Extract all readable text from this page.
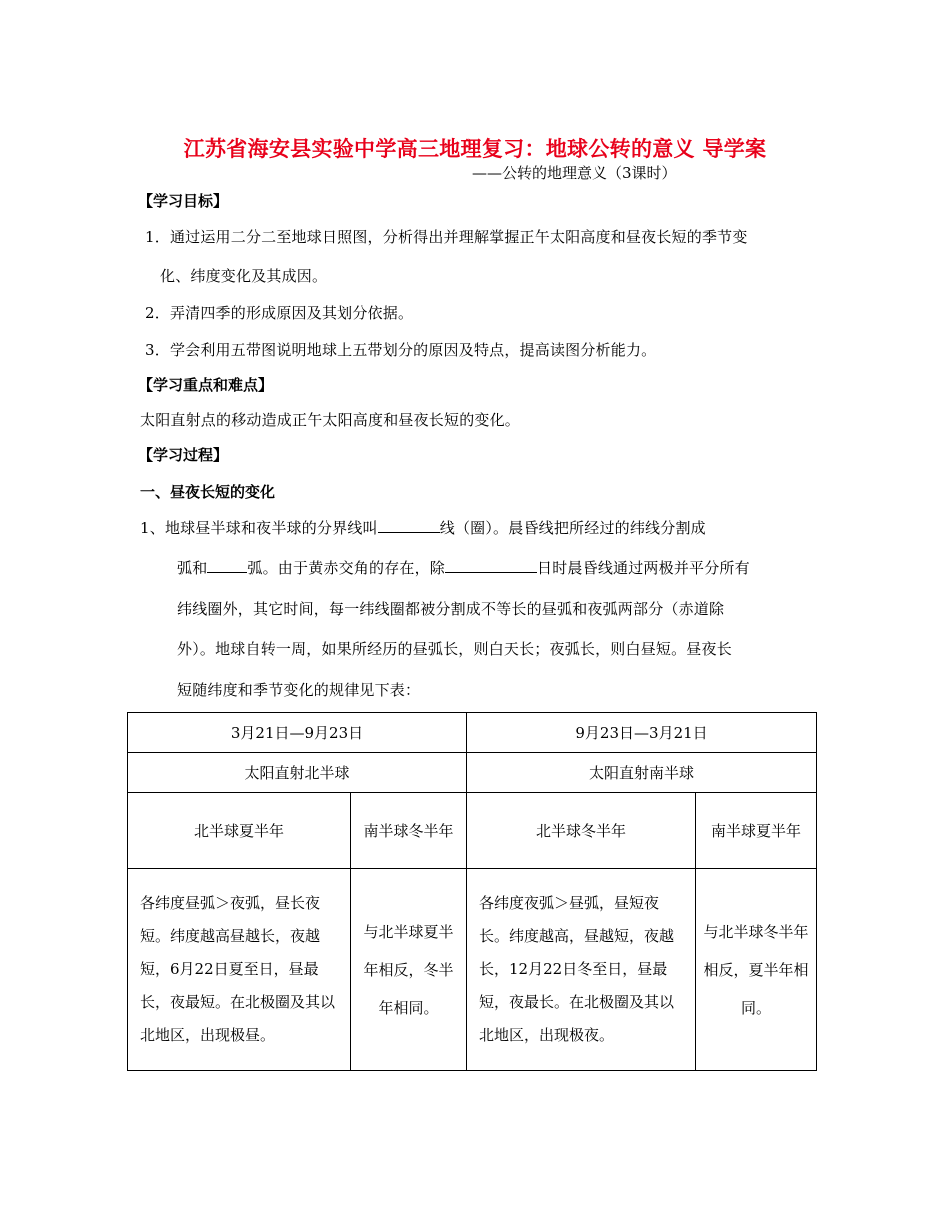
江苏省海安县实验中学高三地理复习：地球公转的意义 导学案
——公转的地理意义（3课时）
【学习目标】
1．通过运用二分二至地球日照图，分析得出并理解掌握正午太阳高度和昼夜长短的季节变
化、纬度变化及其成因。
2．弄清四季的形成原因及其划分依据。
3．学会利用五带图说明地球上五带划分的原因及特点，提高读图分析能力。
【学习重点和难点】
太阳直射点的移动造成正午太阳高度和昼夜长短的变化。
【学习过程】
一、昼夜长短的变化
1、地球昼半球和夜半球的分界线叫	线（圈）。晨昏线把所经过的纬线分割成
弧和	弧。由于黄赤交角的存在，除	日时晨昏线通过两极并平分所有
纬线圈外，其它时间，每一纬线圈都被分割成不等长的昼弧和夜弧两部分（赤道除
外）。地球自转一周，如果所经历的昼弧长，则白天长；夜弧长，则白昼短。昼夜长
短随纬度和季节变化的规律见下表：
3月21日—9月23日		9月23日—3月21日	
太阳直射北半球		太阳直射南半球	
北半球夏半年	南半球冬半年	北半球冬半年	南半球夏半年
各纬度昼弧＞夜弧，昼长夜短。纬度越高昼越长，夜越短，6月22日夏至日，昼最长，夜最短。在北极圈及其以北地区，出现极昼。	与北半球夏半年相反，冬半年相同。	各纬度夜弧＞昼弧，昼短夜长。纬度越高，昼越短，夜越长，12月22日冬至日，昼最短，夜最长。在北极圈及其以北地区，出现极夜。	与北半球冬半年相反，夏半年相同。
